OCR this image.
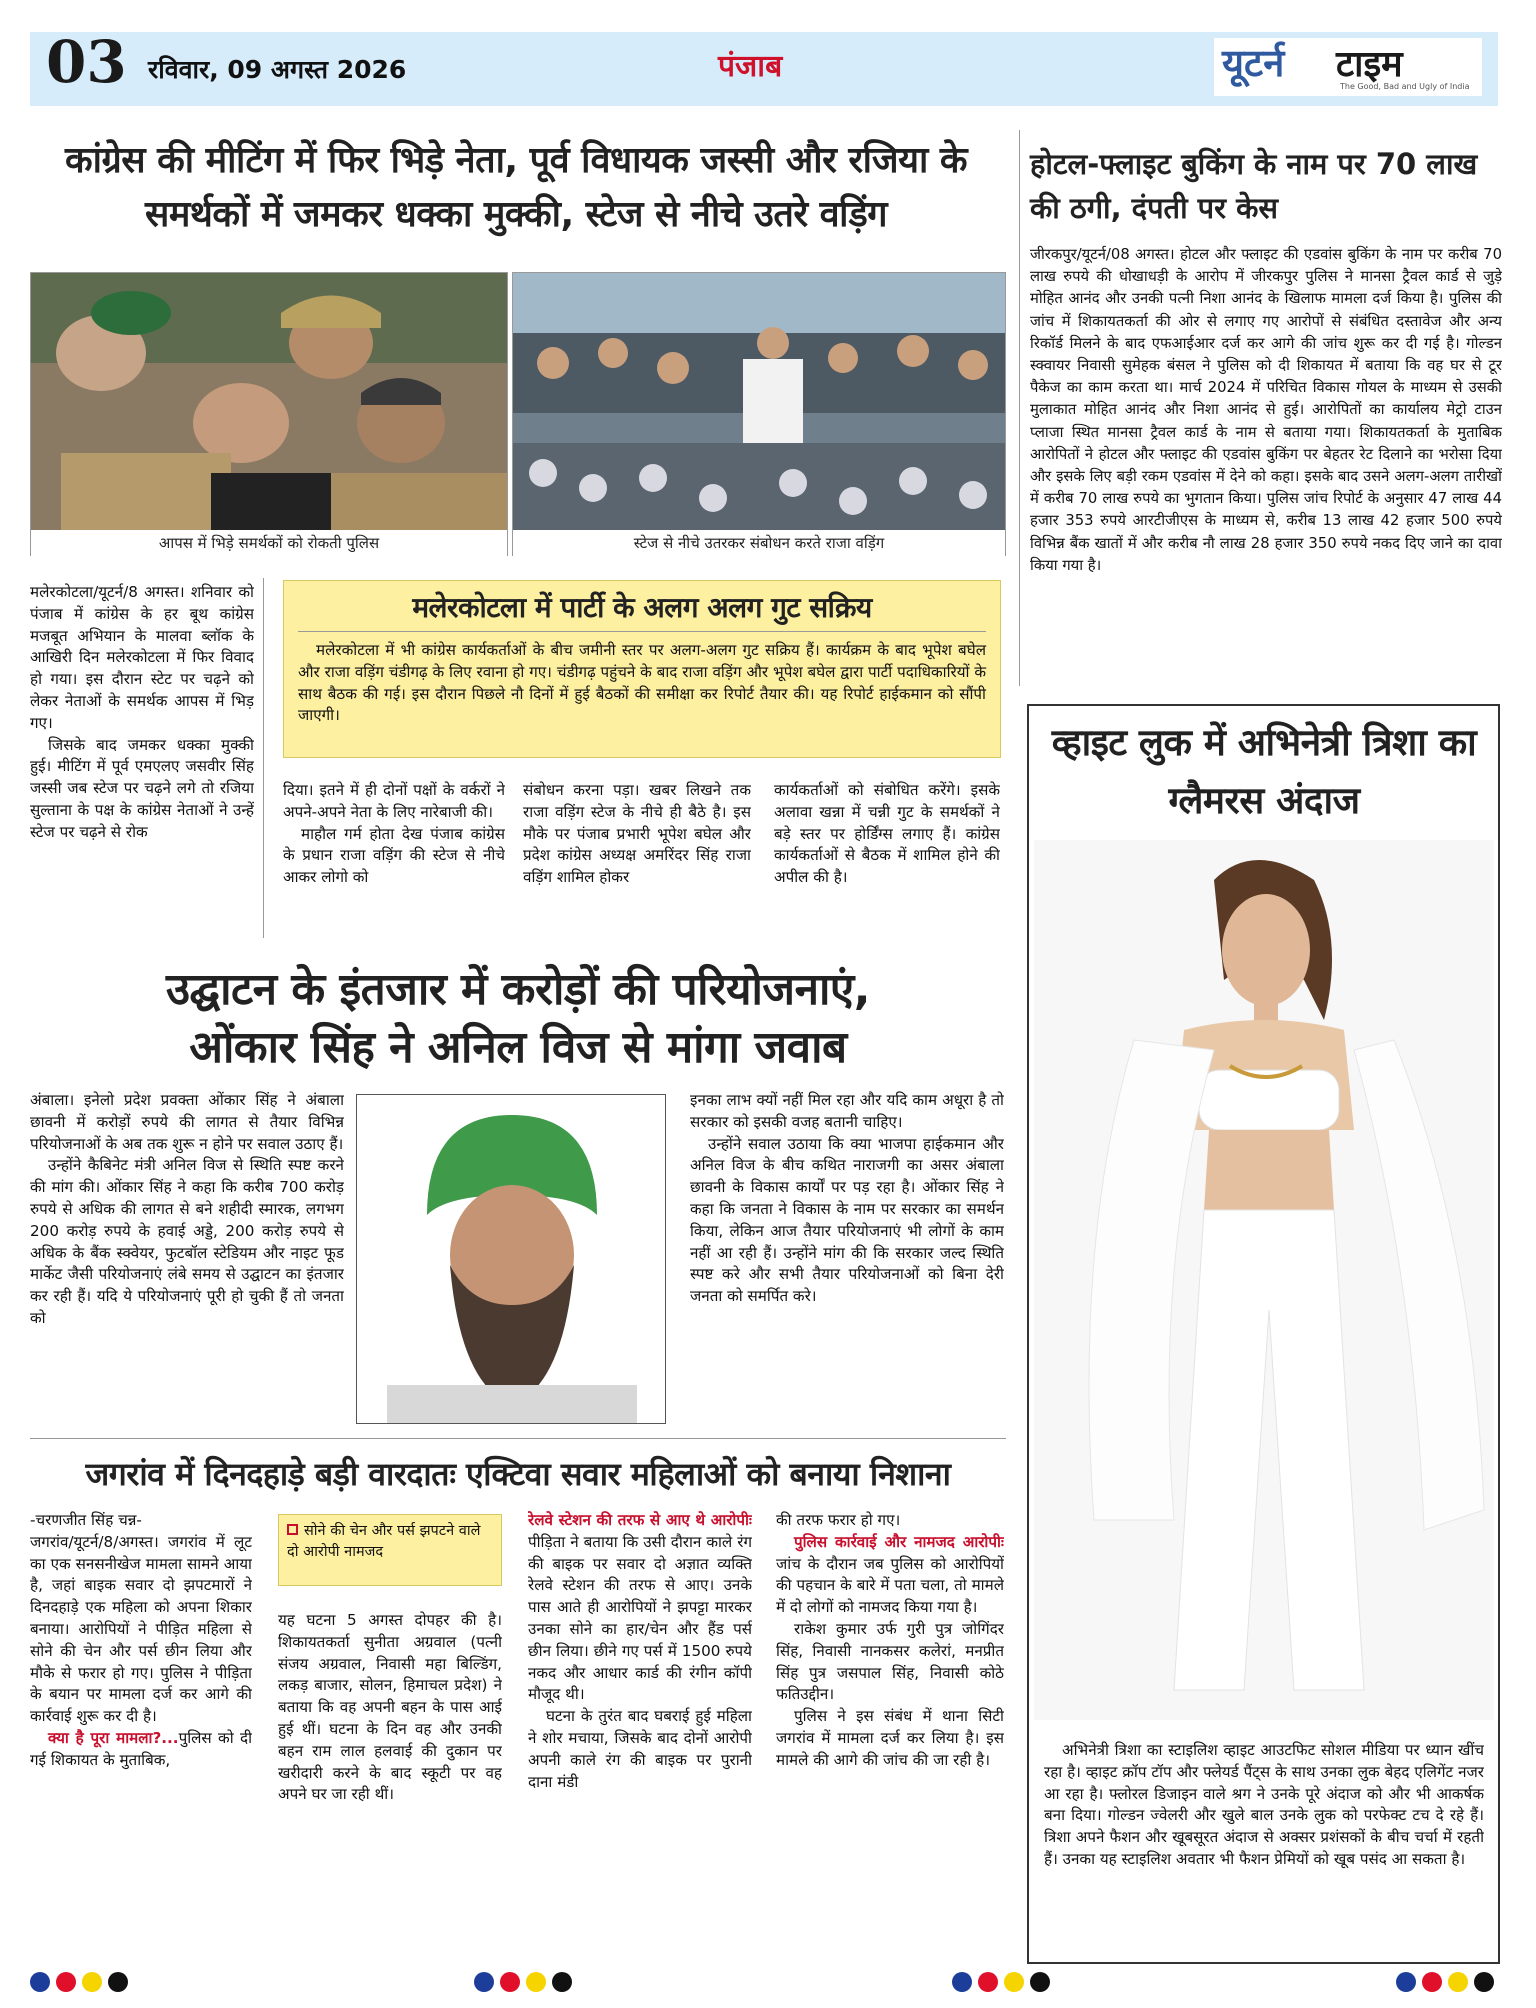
03 रविवार, 09 अगस्त 2026	पंजाब	यूटर्न टाइम
The Good, Bad and Ugly of India
कांग्रेस की मीटिंग में फिर भिड़े नेता, पूर्व विधायक जस्सी और रजिया के समर्थकों में जमकर धक्का मुक्की, स्टेज से नीचे उतरे वड़िंग
आपस में भिड़े समर्थकों को रोकती पुलिस	स्टेज से नीचे उतरकर संबोधन करते राजा वड़िंग

मलेरकोटला/यूटर्न/8 अगस्त। शनिवार को पंजाब में कांग्रेस के हर बूथ कांग्रेस मजबूत अभियान के मालवा ब्लॉक के आखिरी दिन मलेरकोटला में फिर विवाद हो गया। इस दौरान स्टेट पर चढ़ने को लेकर नेताओं के समर्थक आपस में भिड़ गए।

जिसके बाद जमकर धक्का मुक्की हुई। मीटिंग में पूर्व एमएलए जसवीर सिंह जस्सी जब स्टेज पर चढ़ने लगे तो रजिया सुल्ताना के पक्ष के कांग्रेस नेताओं ने उन्हें स्टेज पर चढ़ने से रोक

मलेरकोटला में पार्टी के अलग अलग गुट सक्रिय
मलेरकोटला में भी कांग्रेस कार्यकर्ताओं के बीच जमीनी स्तर पर अलग-अलग गुट सक्रिय हैं। कार्यक्रम के बाद भूपेश बघेल और राजा वड़िंग चंडीगढ़ के लिए रवाना हो गए। चंडीगढ़ पहुंचने के बाद राजा वड़िंग और भूपेश बघेल द्वारा पार्टी पदाधिकारियों के साथ बैठक की गई। इस दौरान पिछले नौ दिनों में हुई बैठकों की समीक्षा कर रिपोर्ट तैयार की। यह रिपोर्ट हाईकमान को सौंपी जाएगी।

दिया। इतने में ही दोनों पक्षों के वर्करों ने अपने-अपने नेता के लिए नारेबाजी की।

माहौल गर्म होता देख पंजाब कांग्रेस के प्रधान राजा वड़िंग की स्टेज से नीचे आकर लोगो को

संबोधन करना पड़ा। खबर लिखने तक राजा वड़िंग स्टेज के नीचे ही बैठे है। इस मौके पर पंजाब प्रभारी भूपेश बघेल और प्रदेश कांग्रेस अध्यक्ष अमरिंदर सिंह राजा वड़िंग शामिल होकर
कार्यकर्ताओं को संबोधित करेंगे। इसके अलावा खन्ना में चन्नी गुट के समर्थकों ने बड़े स्तर पर होर्डिंग्स लगाए हैं। कांग्रेस कार्यकर्ताओं से बैठक में शामिल होने की अपील की है।
होटल-फ्लाइट बुकिंग के नाम पर 70 लाख की ठगी, दंपती पर केस
जीरकपुर/यूटर्न/08 अगस्त। होटल और फ्लाइट की एडवांस बुकिंग के नाम पर करीब 70 लाख रुपये की धोखाधड़ी के आरोप में जीरकपुर पुलिस ने मानसा ट्रैवल कार्ड से जुड़े मोहित आनंद और उनकी पत्नी निशा आनंद के खिलाफ मामला दर्ज किया है। पुलिस की जांच में शिकायतकर्ता की ओर से लगाए गए आरोपों से संबंधित दस्तावेज और अन्य रिकॉर्ड मिलने के बाद एफआईआर दर्ज कर आगे की जांच शुरू कर दी गई है। गोल्डन स्क्वायर निवासी सुमेहक बंसल ने पुलिस को दी शिकायत में बताया कि वह घर से टूर पैकेज का काम करता था। मार्च 2024 में परिचित विकास गोयल के माध्यम से उसकी मुलाकात मोहित आनंद और निशा आनंद से हुई। आरोपितों का कार्यालय मेट्रो टाउन प्लाजा स्थित मानसा ट्रैवल कार्ड के नाम से बताया गया। शिकायतकर्ता के मुताबिक आरोपितों ने होटल और फ्लाइट की एडवांस बुकिंग पर बेहतर रेट दिलाने का भरोसा दिया और इसके लिए बड़ी रकम एडवांस में देने को कहा। इसके बाद उसने अलग-अलग तारीखों में करीब 70 लाख रुपये का भुगतान किया। पुलिस जांच रिपोर्ट के अनुसार 47 लाख 44 हजार 353 रुपये आरटीजीएस के माध्यम से, करीब 13 लाख 42 हजार 500 रुपये विभिन्न बैंक खातों में और करीब नौ लाख 28 हजार 350 रुपये नकद दिए जाने का दावा किया गया है।
व्हाइट लुक में अभिनेत्री त्रिशा का ग्लैमरस अंदाज
अभिनेत्री त्रिशा का स्टाइलिश व्हाइट आउटफिट सोशल मीडिया पर ध्यान खींच रहा है। व्हाइट क्रॉप टॉप और फ्लेयर्ड पैंट्स के साथ उनका लुक बेहद एलिगेंट नजर आ रहा है। फ्लोरल डिजाइन वाले श्रग ने उनके पूरे अंदाज को और भी आकर्षक बना दिया। गोल्डन ज्वेलरी और खुले बाल उनके लुक को परफेक्ट टच दे रहे हैं। त्रिशा अपने फैशन और खूबसूरत अंदाज से अक्सर प्रशंसकों के बीच चर्चा में रहती हैं। उनका यह स्टाइलिश अवतार भी फैशन प्रेमियों को खूब पसंद आ सकता है।
उद्घाटन के इंतजार में करोड़ों की परियोजनाएं,
ओंकार सिंह ने अनिल विज से मांगा जवाब

अंबाला। इनेलो प्रदेश प्रवक्ता ओंकार सिंह ने अंबाला छावनी में करोड़ों रुपये की लागत से तैयार विभिन्न परियोजनाओं के अब तक शुरू न होने पर सवाल उठाए हैं।

उन्होंने कैबिनेट मंत्री अनिल विज से स्थिति स्पष्ट करने की मांग की। ओंकार सिंह ने कहा कि करीब 700 करोड़ रुपये से अधिक की लागत से बने शहीदी स्मारक, लगभग 200 करोड़ रुपये के हवाई अड्डे, 200 करोड़ रुपये से अधिक के बैंक स्क्वेयर, फुटबॉल स्टेडियम और नाइट फूड मार्केट जैसी परियोजनाएं लंबे समय से उद्घाटन का इंतजार कर रही हैं। यदि ये परियोजनाएं पूरी हो चुकी हैं तो जनता को

इनका लाभ क्यों नहीं मिल रहा और यदि काम अधूरा है तो सरकार को इसकी वजह बतानी चाहिए।

उन्होंने सवाल उठाया कि क्या भाजपा हाईकमान और अनिल विज के बीच कथित नाराजगी का असर अंबाला छावनी के विकास कार्यों पर पड़ रहा है। ओंकार सिंह ने कहा कि जनता ने विकास के नाम पर सरकार का समर्थन किया, लेकिन आज तैयार परियोजनाएं भी लोगों के काम नहीं आ रही हैं। उन्होंने मांग की कि सरकार जल्द स्थिति स्पष्ट करे और सभी तैयार परियोजनाओं को बिना देरी जनता को समर्पित करे।

जगरांव में दिनदहाड़े बड़ी वारदातः एक्टिवा सवार महिलाओं को बनाया निशाना

-चरणजीत सिंह चन्न-

जगरांव/यूटर्न/8/अगस्त। जगरांव में लूट का एक सनसनीखेज मामला सामने आया है, जहां बाइक सवार दो झपटमारों ने दिनदहाड़े एक महिला को अपना शिकार बनाया। आरोपियों ने पीड़ित महिला से सोने की चेन और पर्स छीन लिया और मौके से फरार हो गए। पुलिस ने पीड़िता के बयान पर मामला दर्ज कर आगे की कार्रवाई शुरू कर दी है।

क्या है पूरा मामला?...पुलिस को दी गई शिकायत के मुताबिक,

सोने की चेन और पर्स झपटने वाले दो आरोपी नामजद
यह घटना 5 अगस्त दोपहर की है। शिकायतकर्ता सुनीता अग्रवाल (पत्नी संजय अग्रवाल, निवासी महा बिल्डिंग, लकड़ बाजार, सोलन, हिमाचल प्रदेश) ने बताया कि वह अपनी बहन के पास आई हुई थीं। घटना के दिन वह और उनकी बहन राम लाल हलवाई की दुकान पर खरीदारी करने के बाद स्कूटी पर वह अपने घर जा रही थीं।

रेलवे स्टेशन की तरफ से आए थे आरोपीः पीड़िता ने बताया कि उसी दौरान काले रंग की बाइक पर सवार दो अज्ञात व्यक्ति रेलवे स्टेशन की तरफ से आए। उनके पास आते ही आरोपियों ने झपट्टा मारकर उनका सोने का हार/चेन और हैंड पर्स छीन लिया। छीने गए पर्स में 1500 रुपये नकद और आधार कार्ड की रंगीन कॉपी मौजूद थी।

घटना के तुरंत बाद घबराई हुई महिला ने शोर मचाया, जिसके बाद दोनों आरोपी अपनी काले रंग की बाइक पर पुरानी दाना मंडी

की तरफ फरार हो गए।

पुलिस कार्रवाई और नामजद आरोपीः जांच के दौरान जब पुलिस को आरोपियों की पहचान के बारे में पता चला, तो मामले में दो लोगों को नामजद किया गया है।

राकेश कुमार उर्फ गुरी पुत्र जोगिंदर सिंह, निवासी नानकसर कलेरां, मनप्रीत सिंह पुत्र जसपाल सिंह, निवासी कोठे फतिउद्दीन।

पुलिस ने इस संबंध में थाना सिटी जगरांव में मामला दर्ज कर लिया है। इस मामले की आगे की जांच की जा रही है।
